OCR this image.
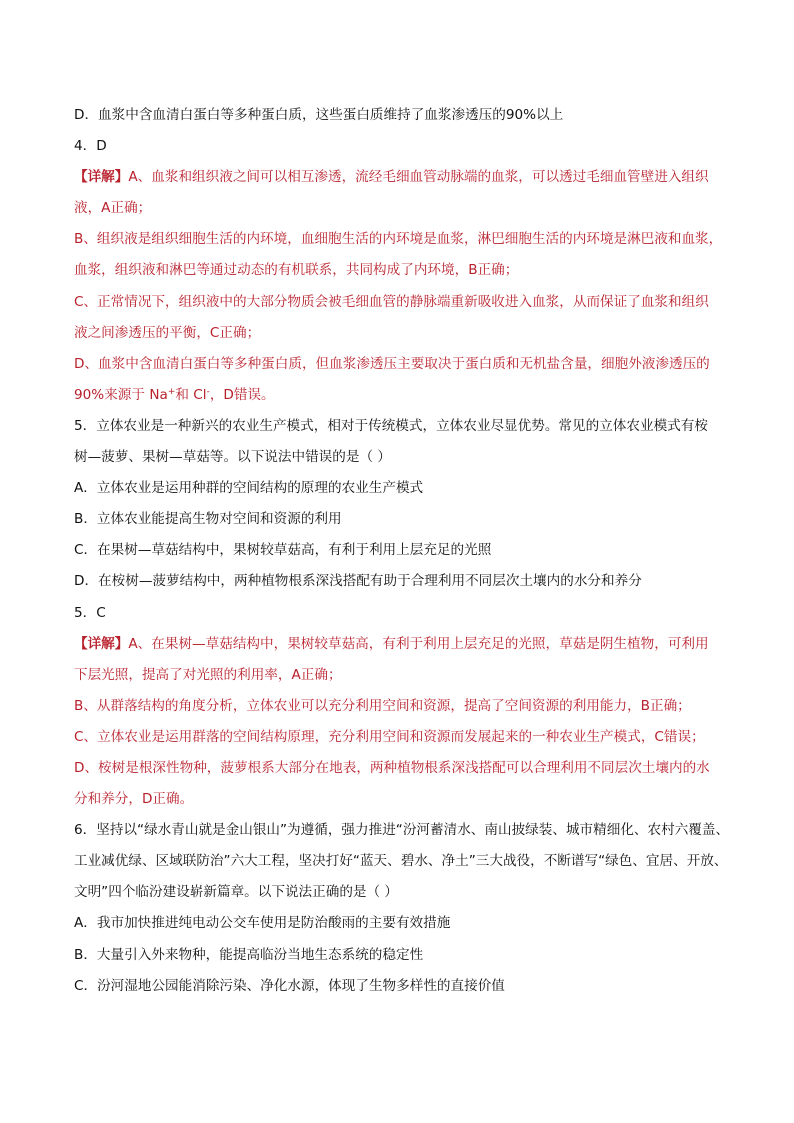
D．血浆中含血清白蛋白等多种蛋白质，这些蛋白质维持了血浆渗透压的90%以上
4．D
【详解】A、血浆和组织液之间可以相互渗透，流经毛细血管动脉端的血浆，可以透过毛细血管壁进入组织
液，A正确；
B、组织液是组织细胞生活的内环境，血细胞生活的内环境是血浆，淋巴细胞生活的内环境是淋巴液和血浆，
血浆，组织液和淋巴等通过动态的有机联系，共同构成了内环境，B正确；
C、正常情况下，组织液中的大部分物质会被毛细血管的静脉端重新吸收进入血浆，从而保证了血浆和组织
液之间渗透压的平衡，C正确；
D、血浆中含血清白蛋白等多种蛋白质，但血浆渗透压主要取决于蛋白质和无机盐含量，细胞外液渗透压的
90%来源于 Na+和 Cl-，D错误。
5．立体农业是一种新兴的农业生产模式，相对于传统模式，立体农业尽显优势。常见的立体农业模式有桉
树—菠萝、果树—草菇等。以下说法中错误的是（ ）
A．立体农业是运用种群的空间结构的原理的农业生产模式
B．立体农业能提高生物对空间和资源的利用
C．在果树—草菇结构中，果树较草菇高，有利于利用上层充足的光照
D．在桉树—菠萝结构中，两种植物根系深浅搭配有助于合理利用不同层次土壤内的水分和养分
5．C
【详解】A、在果树—草菇结构中，果树较草菇高，有利于利用上层充足的光照，草菇是阴生植物，可利用
下层光照，提高了对光照的利用率，A正确；
B、从群落结构的角度分析，立体农业可以充分利用空间和资源，提高了空间资源的利用能力，B正确；
C、立体农业是运用群落的空间结构原理，充分利用空间和资源而发展起来的一种农业生产模式，C错误；
D、桉树是根深性物种，菠萝根系大部分在地表，两种植物根系深浅搭配可以合理利用不同层次土壤内的水
分和养分，D正确。
6．坚持以“绿水青山就是金山银山”为遵循，强力推进“汾河蓄清水、南山披绿装、城市精细化、农村六覆盖、
工业减优绿、区域联防治”六大工程，坚决打好“蓝天、碧水、净土”三大战役，不断谱写“绿色、宜居、开放、
文明”四个临汾建设崭新篇章。以下说法正确的是（ ）
A．我市加快推进纯电动公交车使用是防治酸雨的主要有效措施
B．大量引入外来物种，能提高临汾当地生态系统的稳定性
C．汾河湿地公园能消除污染、净化水源，体现了生物多样性的直接价值
